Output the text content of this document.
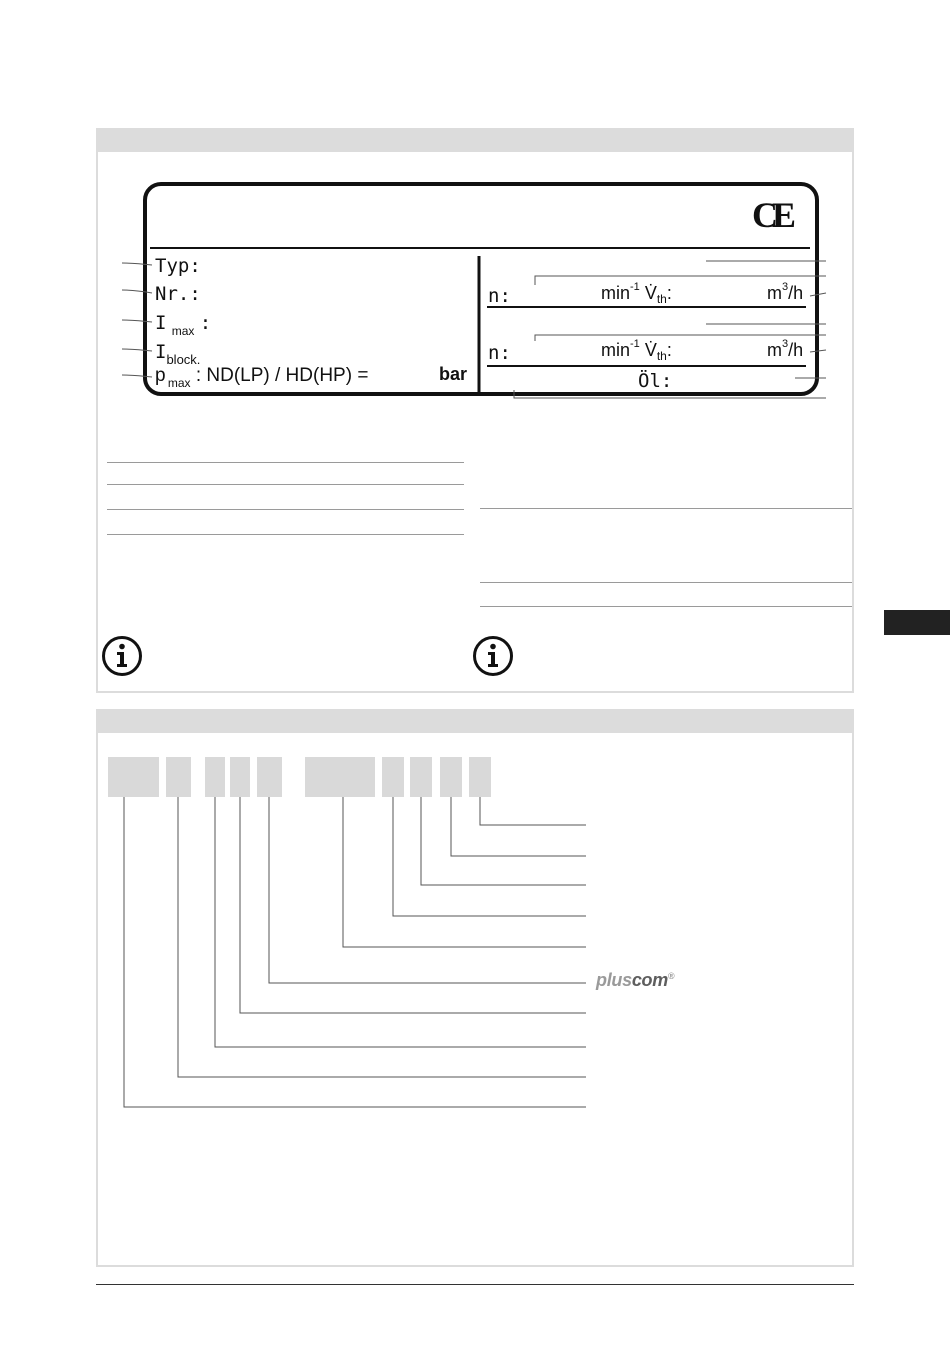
CE
Typ:
Nr.:
I $_{max}$ :
$I_{block.}$
p $_{max}$ : ND(LP) / HD(HP) =	bar
n:	$\min^{-1}$ $V̇_{th}$:	$m^3/h$
n:	$\min^{-1}$ $V̇_{th}$:	$m^3/h$
Öl:
pluscom®
